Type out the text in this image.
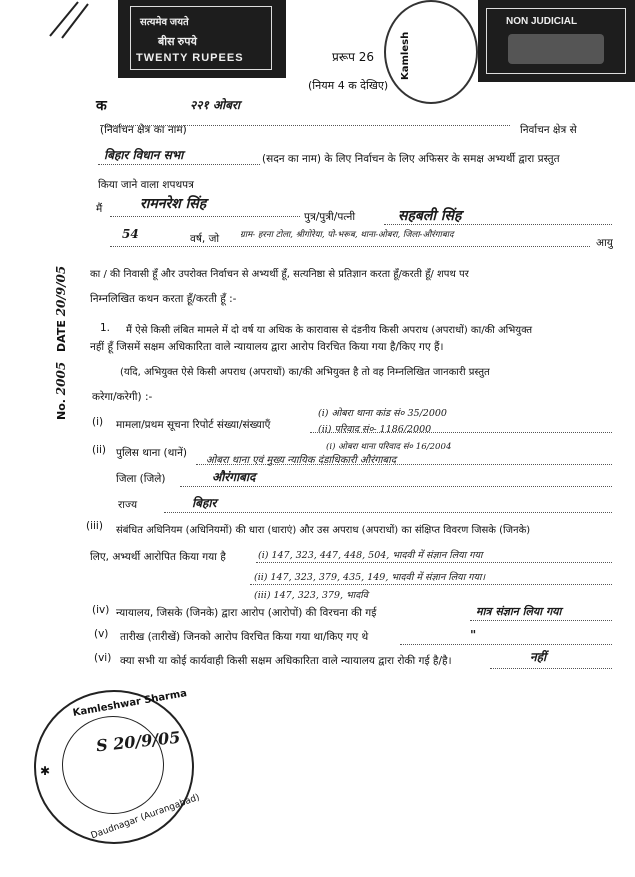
सत्यमेव जयते
बीस रुपये
TWENTY RUPEES	Kamlesh
NON JUDICIAL
प्ररूप 26
(नियम 4 क देखिए)
क	२२१ ओबरा
(निर्वाचन क्षेत्र का नाम)	निर्वाचन क्षेत्र से
बिहार विधान सभा	(सदन का नाम) के लिए निर्वाचन के लिए अफिसर के समक्ष अभ्यर्थी द्वारा प्रस्तुत
किया जाने वाला शपथपत्र
मैं	रामनरेश सिंह
पुत्र/पुत्री/पत्नी	सहबली सिंह
54	वर्ष, जो ग्राम- हरना टोला, श्रीगोरेया, पो-भरूब, थाना-ओबरा, जिला-औरंगाबाद
आयु
का / की निवासी हूँ और उपरोक्त निर्वाचन से अभ्यर्थी हूँ, सत्यनिष्ठा से प्रतिज्ञान करता हूँ/करती हूँ/ शपथ पर
निम्नलिखित कथन करता हूँ/करती हूँ :-
1. मैं ऐसे किसी लंबित मामले में दो वर्ष या अधिक के कारावास से दंडनीय किसी अपराध (अपराधों) का/की अभियुक्त
नहीं हूँ जिसमें सक्षम अधिकारिता वाले न्यायालय द्वारा आरोप विरचित किया गया है/किए गए हैं।
(यदि, अभियुक्त ऐसे किसी अपराध (अपराधों) का/की अभियुक्त है तो वह निम्नलिखित जानकारी प्रस्तुत
करेगा/करेगी) :-
(i) मामला/प्रथम सूचना रिपोर्ट संख्या/संख्याएँ
(i) ओबरा थाना कांड सं० 35/2000
(ii) परिवाद सं०- 1186/2000
(ii) पुलिस थाना (थानें)	(i) ओबरा थाना परिवाद सं० 16/2004
ओबरा थाना एवं मुख्य न्यायिक दंडाधिकारी औरंगाबाद
जिला (जिले)	औरंगाबाद
राज्य	बिहार
(iii) संबंधित अधिनियम (अधिनियमों) की धारा (धाराएं) और उस अपराध (अपराधों) का संक्षिप्त विवरण जिसके (जिनके)
लिए, अभ्यर्थी आरोपित किया गया है	(i) 147, 323, 447, 448, 504, भादवी में संज्ञान लिया गया
(ii) 147, 323, 379, 435, 149, भादवी में संज्ञान लिया गया।
(iii) 147, 323, 379, भादवि
(iv) न्यायालय, जिसके (जिनके) द्वारा आरोप (आरोपों) की विरचना की गई	मात्र संज्ञान लिया गया
(v) तारीख (तारीखें) जिनको आरोप विरचित किया गया था/किए गए थे	"
(vi) क्या सभी या कोई कार्यवाही किसी सक्षम अधिकारिता वाले न्यायालय द्वारा रोकी गई है/है।	नहीं
No. 2005 DATE 20/9/05
Kamleshwar Sharma
Daudnagar (Aurangabad)
✱
S 20/9/05
